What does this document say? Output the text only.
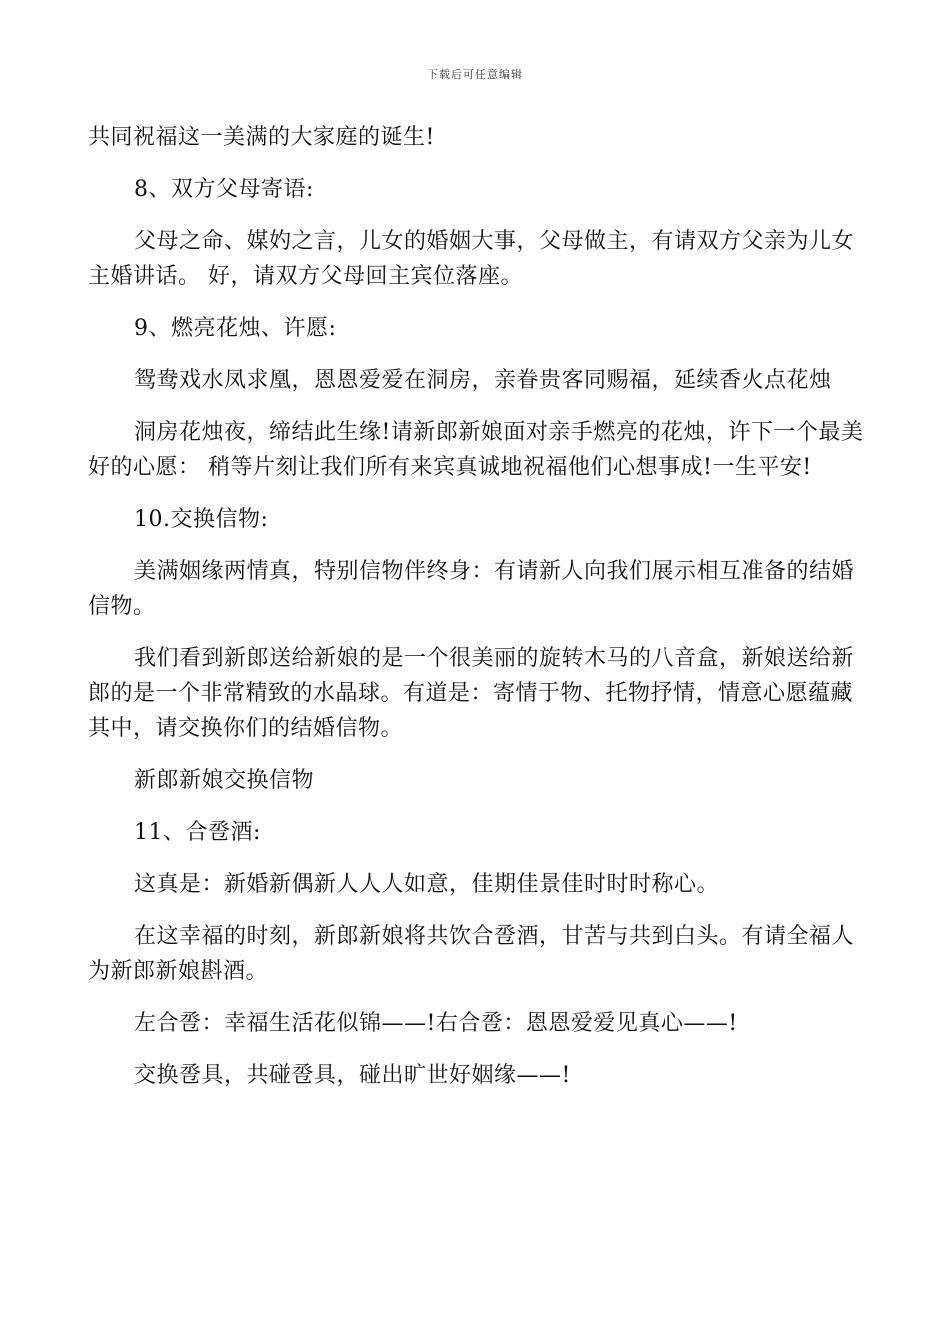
下载后可任意编辑

共同祝福这一美满的大家庭的诞生!

8、双方父母寄语:

父母之命、媒妁之言，儿女的婚姻大事，父母做主，有请双方父亲为儿女主婚讲话。 好，请双方父母回主宾位落座。

9、燃亮花烛、许愿:

鸳鸯戏水凤求凰，恩恩爱爱在洞房，亲眷贵客同赐福，延续香火点花烛

洞房花烛夜，缔结此生缘!请新郎新娘面对亲手燃亮的花烛，许下一个最美好的心愿： 稍等片刻让我们所有来宾真诚地祝福他们心想事成!一生平安!

10.交换信物:

美满姻缘两情真，特别信物伴终身：有请新人向我们展示相互准备的结婚信物。

我们看到新郎送给新娘的是一个很美丽的旋转木马的八音盒，新娘送给新郎的是一个非常精致的水晶球。有道是：寄情于物、托物抒情，情意心愿蕴藏其中，请交换你们的结婚信物。

新郎新娘交换信物

11、合卺酒:

这真是：新婚新偶新人人人如意，佳期佳景佳时时时称心。

在这幸福的时刻，新郎新娘将共饮合卺酒，甘苦与共到白头。有请全福人为新郎新娘斟酒。

左合卺：幸福生活花似锦——!右合卺：恩恩爱爱见真心——!

交换卺具，共碰卺具，碰出旷世好姻缘——!
